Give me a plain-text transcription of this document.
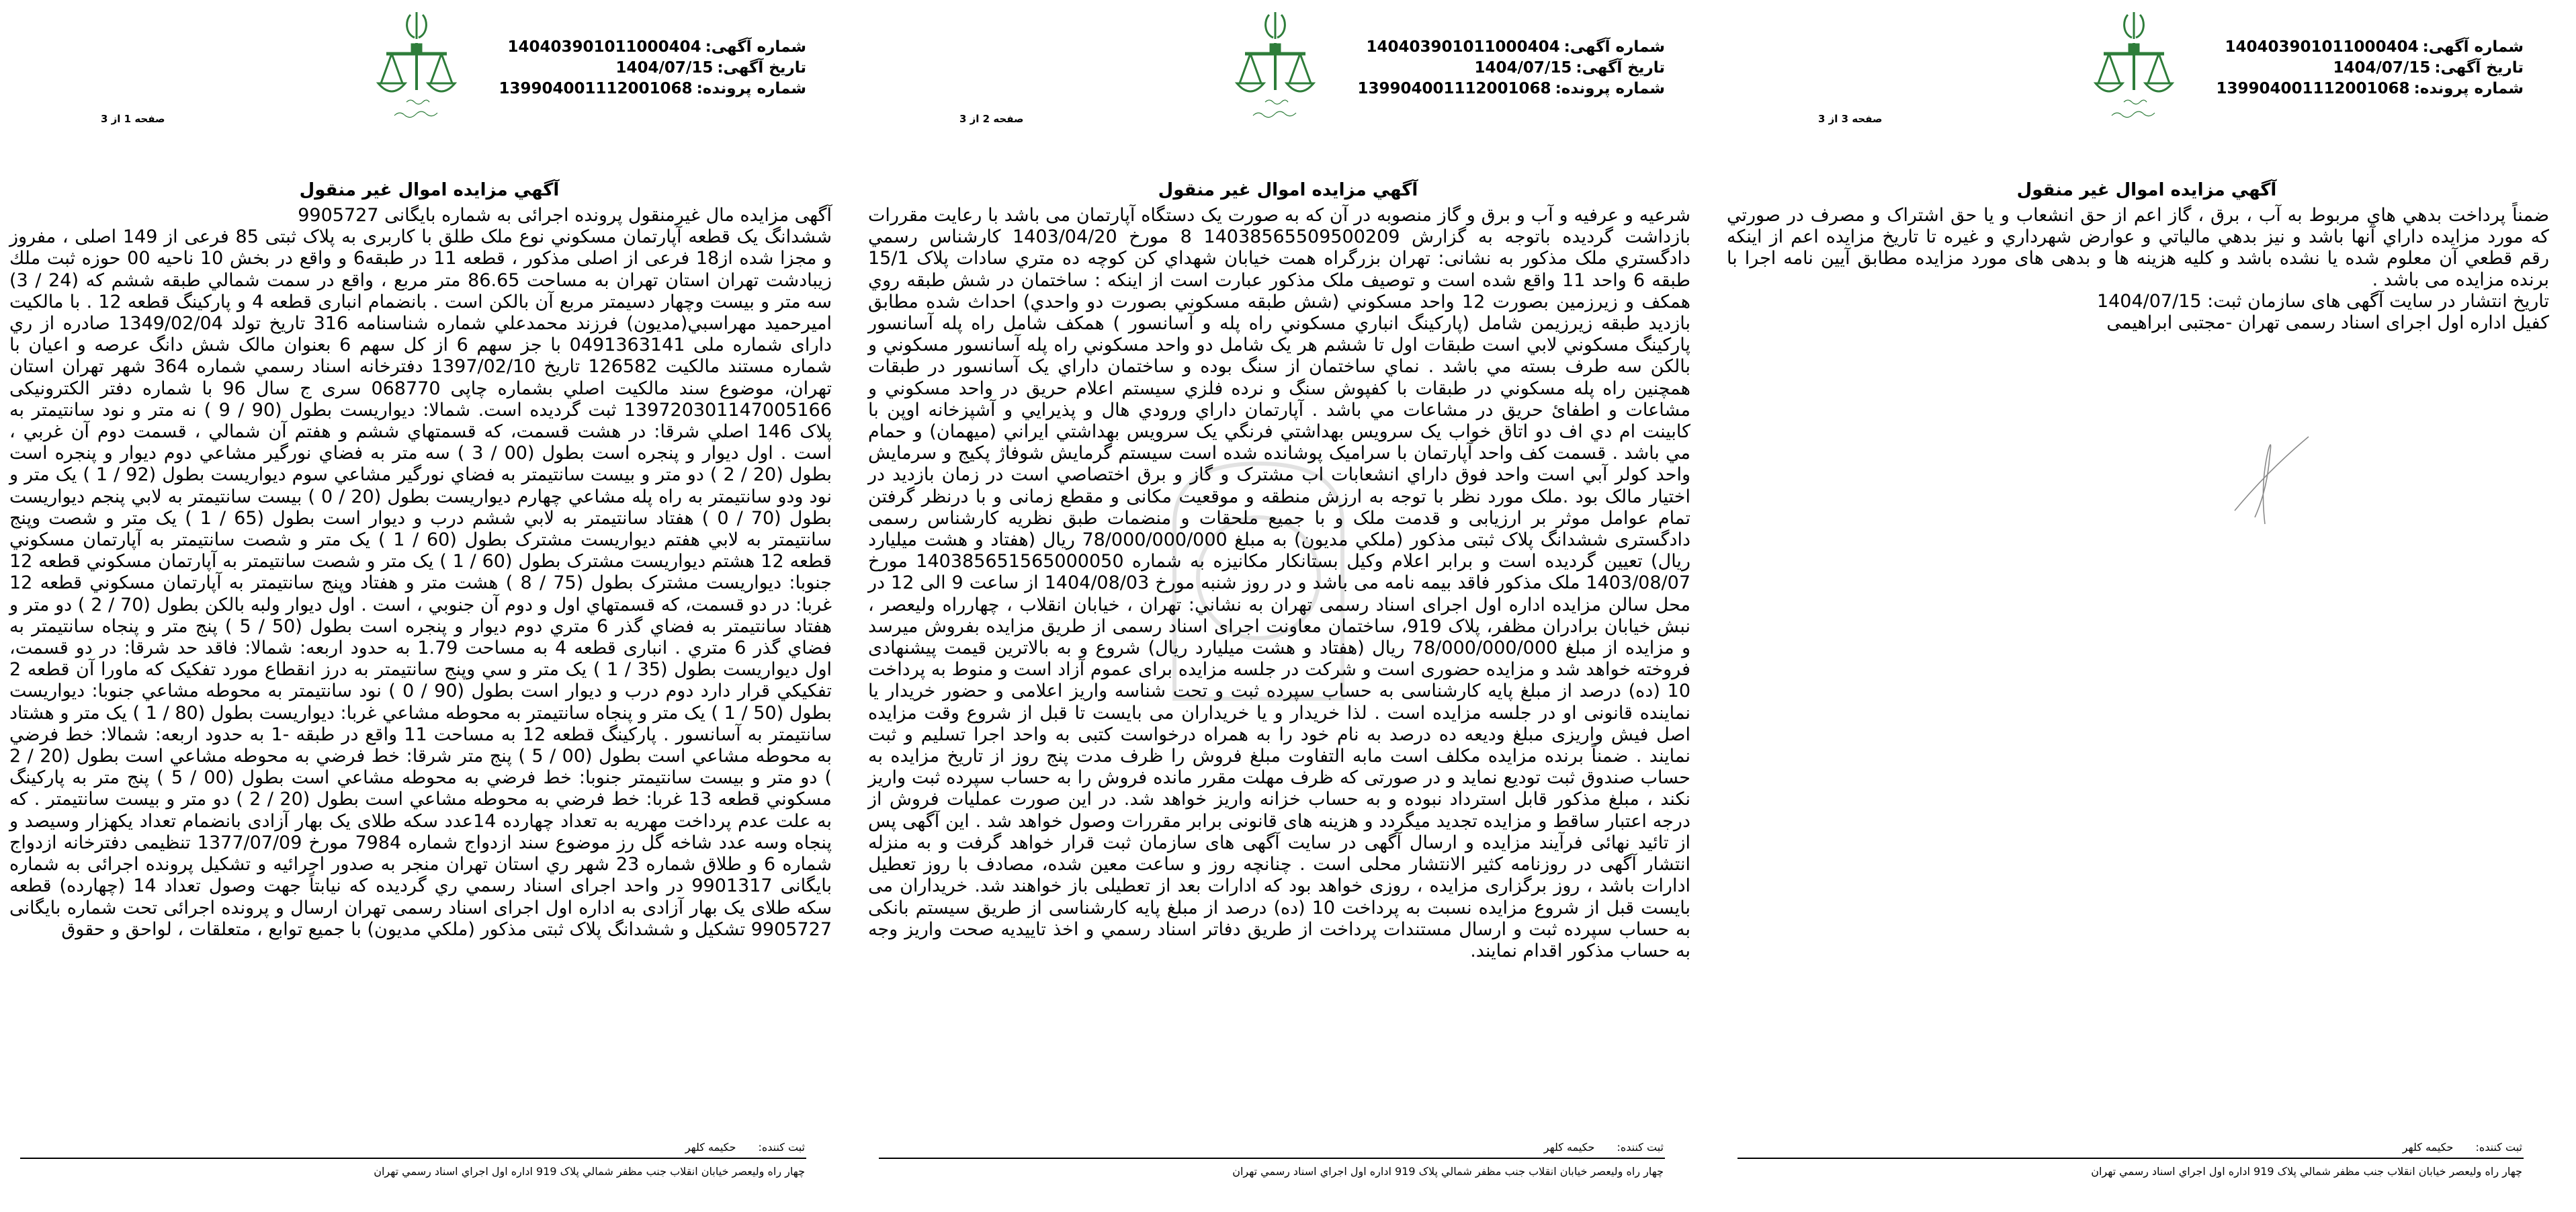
شماره آگهی:140403901011000404
تاریخ آگهی:1404/07/15
شماره پرونده:139904001112001068
صفحه 1 از 3
آگهي مزايده اموال غير منقول
آگهی مزایده مال غیرمنقول پرونده اجرائی به شماره بایگانی 9905727
ششدانگ یک قطعه آپارتمان مسکوني نوع ملک طلق با کاربری به پلاک ثبتی 85 فرعی از 149 اصلی ، مفروز و مجزا شده از18 فرعی از اصلی مذکور ، قطعه 11 در طبقه6 و واقع در بخش 10 ناحیه 00 حوزه ثبت ملك زيبادشت تهران استان تهران به مساحت 86.65 متر مربع ، واقع در سمت شمالي طبقه ششم كه (24 / 3) سه متر و بیست وچهار دسیمتر مربع آن بالکن است . بانضمام انباری قطعه 4 و پارکینگ قطعه 12 . با مالكيت اميرحميد مهراسبي(مديون) فرزند محمدعلي شماره شناسنامه 316 تاريخ تولد 1349/02/04 صادره از ري دارای شماره ملی 0491363141 با جز سهم 6 از کل سهم 6 بعنوان مالک شش دانگ عرصه و اعيان با شماره مستند مالكيت 126582 تاريخ 1397/02/10 دفترخانه اسناد رسمي شماره 364 شهر تهران استان تهران، موضوع سند مالكيت اصلي بشماره چاپی 068770 سری ج سال 96 با شماره دفتر الکترونیکی 139720301147005166 ثبت گرديده است. شمالا: ديواريست بطول (90 / 9 ) نه متر و نود سانتيمتر به پلاک 146 اصلي شرقا: در هشت قسمت، كه قسمتهاي ششم و هفتم آن شمالي ، قسمت دوم آن غربي ، است . اول ديوار و پنجره است بطول (00 / 3 ) سه متر به فضاي نورگير مشاعي دوم ديوار و پنجره است بطول (20 / 2 ) دو متر و بيست سانتيمتر به فضاي نورگير مشاعي سوم ديواريست بطول (92 / 1 ) يک متر و نود ودو سانتيمتر به راه پله مشاعي چهارم ديواريست بطول (20 / 0 ) بيست سانتيمتر به لابي پنجم ديواريست بطول (70 / 0 ) هفتاد سانتيمتر به لابي ششم درب و ديوار است بطول (65 / 1 ) يک متر و شصت وپنج سانتيمتر به لابي هفتم ديواريست مشترک بطول (60 / 1 ) يک متر و شصت سانتيمتر به آپارتمان مسكوني قطعه 12 هشتم ديواريست مشترک بطول (60 / 1 ) يک متر و شصت سانتيمتر به آپارتمان مسكوني قطعه 12 جنوبا: ديواريست مشترک بطول (75 / 8 ) هشت متر و هفتاد وپنج سانتيمتر به آپارتمان مسكوني قطعه 12 غربا: در دو قسمت، كه قسمتهاي اول و دوم آن جنوبي ، است . اول ديوار ولبه بالکن بطول (70 / 2 ) دو متر و هفتاد سانتيمتر به فضاي گذر 6 متري دوم ديوار و پنجره است بطول (50 / 5 ) پنج متر و پنجاه سانتيمتر به فضاي گذر 6 متري . انباری قطعه 4 به مساحت 1.79 به حدود اربعه: شمالا: فاقد حد شرقا: در دو قسمت، اول ديواريست بطول (35 / 1 ) يک متر و سي وپنج سانتيمتر به درز انقطاع مورد تفکيک که ماورا آن قطعه 2 تفكيكي قرار دارد دوم درب و ديوار است بطول (90 / 0 ) نود سانتيمتر به محوطه مشاعي جنوبا: ديواريست بطول (50 / 1 ) يک متر و پنجاه سانتيمتر به محوطه مشاعي غربا: ديواريست بطول (80 / 1 ) يک متر و هشتاد سانتيمتر به آسانسور . پارکینگ قطعه 12 به مساحت 11 واقع در طبقه -1 به حدود اربعه: شمالا: خط فرضي به محوطه مشاعي است بطول (00 / 5 ) پنج متر شرقا: خط فرضي به محوطه مشاعي است بطول (20 / 2 ) دو متر و بيست سانتيمتر جنوبا: خط فرضي به محوطه مشاعي است بطول (00 / 5 ) پنج متر به پارکينگ مسكوني قطعه 13 غربا: خط فرضي به محوطه مشاعي است بطول (20 / 2 ) دو متر و بيست سانتيمتر . که به علت عدم پرداخت مهریه به تعداد چهارده 14عدد سکه طلای یک بهار آزادی بانضمام تعداد یکهزار وسیصد و پنجاه وسه عدد شاخه گل رز موضوع سند ازدواج شماره 7984 مورخ 1377/07/09 تنظیمی دفترخانه ازدواج شماره 6 و طلاق شماره 23 شهر ري استان تهران منجر به صدور اجرائيه و تشكيل پرونده اجرائی به شماره بایگانی 9901317 در واحد اجرای اسناد رسمي ري گرديده كه نيابتاً جهت وصول تعداد 14 (چهارده) قطعه سکه طلای یک بهار آزادی به اداره اول اجرای اسناد رسمی تهران ارسال و پرونده اجرائی تحت شماره بایگانی 9905727 تشکیل و ششدانگ پلاک ثبتی مذکور (ملكي مديون) با جميع توابع ، متعلقات ، لواحق و حقوق
ثبت کننده: حکیمه کلهر
چهار راه وليعصر خيابان انقلاب جنب مظفر شمالي پلاک 919 اداره اول اجراي اسناد رسمي تهران
شماره آگهی:140403901011000404
تاریخ آگهی:1404/07/15
شماره پرونده:139904001112001068
صفحه 2 از 3
آگهي مزايده اموال غير منقول
شرعیه و عرفیه و آب و برق و گاز منصوبه در آن که به صورت یک دستگاه آپارتمان می باشد با رعایت مقررات بازداشت گردیده باتوجه به گزارش 14038565509500209 8 مورخ 1403/04/20 کارشناس رسمي دادگستري ملک مذکور به نشانی: تهران بزرگراه همت خيابان شهداي كن كوچه ده متري سادات پلاک 15/1 طبقه 6 واحد 11 واقع شده است و توصیف ملک مذکور عبارت است از اینکه : ساختمان در شش طبقه روي همکف و زيرزمين بصورت 12 واحد مسکوني (شش طبقه مسکوني بصورت دو واحدي) احداث شده مطابق بازديد طبقه زيرزيمن شامل (پارکينگ انباري مسکوني راه پله و آسانسور ) همکف شامل راه پله آسانسور پارکينگ مسکوني لابي است طبقات اول تا ششم هر يک شامل دو واحد مسکوني راه پله آسانسور مسكوني و بالکن سه طرف بسته مي باشد . نماي ساختمان از سنگ بوده و ساختمان داراي يک آسانسور در طبقات همچنين راه پله مسکوني در طبقات با کفپوش سنگ و نرده فلزي سيستم اعلام حريق در واحد مسکوني و مشاعات و اطفائ حريق در مشاعات مي باشد . آپارتمان داراي ورودي هال و پذيرايي و آشپزخانه اوپن با کابينت ام دي اف دو اتاق خواب يک سرويس بهداشتي فرنگي يک سرويس بهداشتي ايراني (ميهمان) و حمام مي باشد . قسمت کف واحد آپارتمان با سراميک پوشانده شده است سيستم گرمايش شوفاژ پکيج و سرمايش واحد کولر آبي است واحد فوق داراي انشعابات اب مشترک و گاز و برق اختصاصي است در زمان بازديد در اختيار مالک بود .ملک مورد نظر با توجه به ارزش منطقه و موقعیت مکانی و مقطع زمانی و با درنظر گرفتن تمام عوامل موثر بر ارزیابی و قدمت ملک و با جمیع ملحقات و منضمات طبق نظریه کارشناس رسمی دادگستری ششدانگ پلاک ثبتی مذکور (ملكي مديون) به مبلغ 78/000/000/000 ریال (هفتاد و هشت میلیارد ریال) تعیین گردیده است و برابر اعلام وکیل بستانکار مکانیزه به شماره 140385651565000050 مورخ 1403/08/07 ملک مذکور فاقد بیمه نامه می باشد و در روز شنبه مورخ 1404/08/03 از ساعت 9 الی 12 در محل سالن مزایده اداره اول اجرای اسناد رسمی تهران به نشاني: تهران ، خيابان انقلاب ، چهارراه وليعصر ، نبش خيابان برادران مظفر، پلاک 919، ساختمان معاونت اجرای اسناد رسمی از طریق مزایده بفروش میرسد و مزایده از مبلغ 78/000/000/000 ریال (هفتاد و هشت میلیارد ریال) شروع و به بالاترین قیمت پیشنهادی فروخته خواهد شد و مزایده حضوری است و شرکت در جلسه مزایده برای عموم آزاد است و منوط به پرداخت 10 (ده) درصد از مبلغ پایه کارشناسی به حساب سپرده ثبت و تحت شناسه واریز اعلامی و حضور خریدار یا نماینده قانونی او در جلسه مزایده است . لذا خریدار و یا خریداران می بایست تا قبل از شروع وقت مزایده اصل فیش واریزی مبلغ ودیعه ده درصد به نام خود را به همراه درخواست کتبی به واحد اجرا تسلیم و ثبت نمایند . ضمناً برنده مزایده مکلف است مابه التفاوت مبلغ فروش را ظرف مدت پنج روز از تاریخ مزایده به حساب صندوق ثبت تودیع نماید و در صورتی که ظرف مهلت مقرر مانده فروش را به حساب سپرده ثبت واریز نکند ، مبلغ مذکور قابل استرداد نبوده و به حساب خزانه واریز خواهد شد. در این صورت عملیات فروش از درجه اعتبار ساقط و مزایده تجدید میگردد و هزینه های قانونی برابر مقررات وصول خواهد شد . این آگهی پس از تائید نهائی فرآیند مزایده و ارسال آگهی در سایت آگهی های سازمان ثبت قرار خواهد گرفت و به منزله انتشار آگهی در روزنامه کثیر الانتشار محلی است . چنانچه روز و ساعت معین شده، مصادف با روز تعطیل ادارات باشد ، روز برگزاری مزایده ، روزی خواهد بود که ادارات بعد از تعطیلی باز خواهند شد. خریداران می بایست قبل از شروع مزایده نسبت به پرداخت 10 (ده) درصد از مبلغ پایه کارشناسی از طریق سیستم بانکی به حساب سپرده ثبت و ارسال مستندات پرداخت از طریق دفاتر اسناد رسمي و اخذ تاييديه صحت واريز وجه به حساب مذكور اقدام نمايند.
ثبت کننده: حکیمه کلهر
چهار راه وليعصر خيابان انقلاب جنب مظفر شمالي پلاک 919 اداره اول اجراي اسناد رسمي تهران
شماره آگهی:140403901011000404
تاریخ آگهی:1404/07/15
شماره پرونده:139904001112001068
صفحه 3 از 3
آگهي مزايده اموال غير منقول
ضمناً پرداخت بدهي هاي مربوط به آب ، برق ، گاز اعم از حق انشعاب و يا حق اشتراک و مصرف در صورتي که مورد مزايده داراي آنها باشد و نيز بدهي مالياتي و عوارض شهرداري و غيره تا تاريخ مزايده اعم از اينکه رقم قطعي آن معلوم شده يا نشده باشد و کليه هزینه ها و بدهی های مورد مزایده مطابق آیین نامه اجرا با برنده مزایده می باشد .
تاریخ انتشار در سایت آگهی های سازمان ثبت: 1404/07/15
کفیل اداره اول اجرای اسناد رسمی تهران -مجتبی ابراهیمی
ثبت کننده: حکیمه کلهر
چهار راه وليعصر خيابان انقلاب جنب مظفر شمالي پلاک 919 اداره اول اجراي اسناد رسمي تهران
